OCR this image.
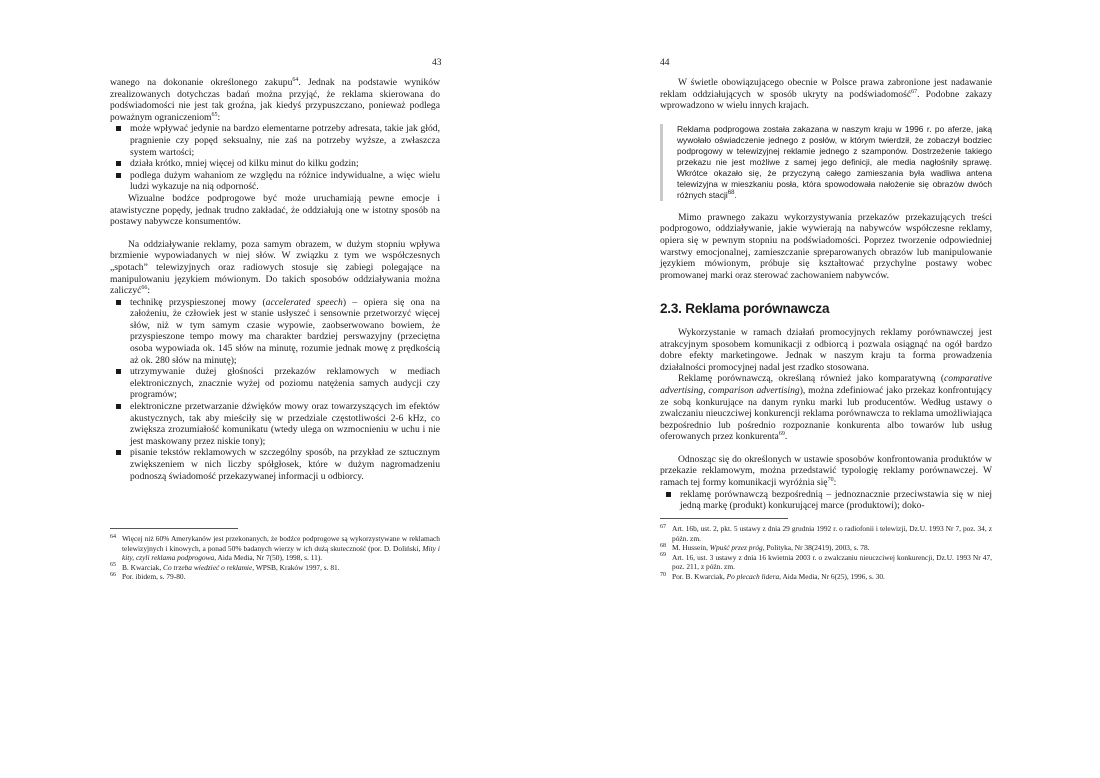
43

wanego na dokonanie określonego zakupu$^{64}$. Jednak na podstawie wyników zrealizowanych dotychczas badań można przyjąć, że reklama skierowana do podświadomości nie jest tak groźna, jak kiedyś przypuszczano, ponieważ podlega poważnym ograniczeniom$^{65}$:

może wpływać jedynie na bardzo elementarne potrzeby adresata, takie jak głód, pragnienie czy popęd seksualny, nie zaś na potrzeby wyższe, a zwłaszcza system wartości;
działa krótko, mniej więcej od kilku minut do kilku godzin;
podlega dużym wahaniom ze względu na różnice indywidualne, a więc wielu ludzi wykazuje na nią odporność.

Wizualne bodźce podprogowe być może uruchamiają pewne emocje i atawistyczne popędy, jednak trudno zakładać, że oddziałują one w istotny sposób na postawy nabywcze konsumentów.

Na oddziaływanie reklamy, poza samym obrazem, w dużym stopniu wpływa brzmienie wypowiadanych w niej słów. W związku z tym we współczesnych „spotach” telewizyjnych oraz radiowych stosuje się zabiegi polegające na manipulowaniu językiem mówionym. Do takich sposobów oddziaływania można zaliczyć$^{66}$:

technikę przyspieszonej mowy (accelerated speech) – opiera się ona na założeniu, że człowiek jest w stanie usłyszeć i sensownie przetworzyć więcej słów, niż w tym samym czasie wypowie, zaobserwowano bowiem, że przyspieszone tempo mowy ma charakter bardziej perswazyjny (przeciętna osoba wypowiada ok. 145 słów na minutę, rozumie jednak mowę z prędkością aż ok. 280 słów na minutę);
utrzymywanie dużej głośności przekazów reklamowych w mediach elektronicznych, znacznie wyżej od poziomu natężenia samych audycji czy programów;
elektroniczne przetwarzanie dźwięków mowy oraz towarzyszących im efektów akustycznych, tak aby mieściły się w przedziale częstotliwości 2-6 kHz, co zwiększa zrozumiałość komunikatu (wtedy ulega on wzmocnieniu w uchu i nie jest maskowany przez niskie tony);
pisanie tekstów reklamowych w szczególny sposób, na przykład ze sztucznym zwiększeniem w nich liczby spółgłosek, które w dużym nagromadzeniu podnoszą świadomość przekazywanej informacji u odbiorcy.
64 Więcej niż 60% Amerykanów jest przekonanych, że bodźce podprogowe są wykorzystywane w reklamach telewizyjnych i kinowych, a ponad 50% badanych wierzy w ich dużą skuteczność (por. D. Doliński, Mity i kity, czyli reklama podprogowa, Aida Media, Nr 7(50), 1998, s. 11).
65 B. Kwarciak, Co trzeba wiedzieć o reklamie, WPSB, Kraków 1997, s. 81.
66 Por. ibidem, s. 79-80.
44

W świetle obowiązującego obecnie w Polsce prawa zabronione jest nadawanie reklam oddziałujących w sposób ukryty na podświadomość$^{67}$. Podobne zakazy wprowadzono w wielu innych krajach.

Reklama podprogowa została zakazana w naszym kraju w 1996 r. po aferze, jaką wywołało oświadczenie jednego z posłów, w którym twierdził, że zobaczył bodziec podprogowy w telewizyjnej reklamie jednego z szamponów. Dostrzeżenie takiego przekazu nie jest możliwe z samej jego definicji, ale media nagłośniły sprawę. Wkrótce okazało się, że przyczyną całego zamieszania była wadliwa antena telewizyjna w mieszkaniu posła, która spowodowała nałożenie się obrazów dwóch różnych stacji$^{68}$.

Mimo prawnego zakazu wykorzystywania przekazów przekazujących treści podprogowo, oddziaływanie, jakie wywierają na nabywców współczesne reklamy, opiera się w pewnym stopniu na podświadomości. Poprzez tworzenie odpowiedniej warstwy emocjonalnej, zamieszczanie spreparowanych obrazów lub manipulowanie językiem mówionym, próbuje się kształtować przychylne postawy wobec promowanej marki oraz sterować zachowaniem nabywców.

2.3. Reklama porównawcza

Wykorzystanie w ramach działań promocyjnych reklamy porównawczej jest atrakcyjnym sposobem komunikacji z odbiorcą i pozwala osiągnąć na ogół bardzo dobre efekty marketingowe. Jednak w naszym kraju ta forma prowadzenia działalności promocyjnej nadal jest rzadko stosowana.

Reklamę porównawczą, określaną również jako komparatywną (comparative advertising, comparison advertising), można zdefiniować jako przekaz konfrontujący ze sobą konkurujące na danym rynku marki lub producentów. Według ustawy o zwalczaniu nieuczciwej konkurencji reklama porównawcza to reklama umożliwiająca bezpośrednio lub pośrednio rozpoznanie konkurenta albo towarów lub usług oferowanych przez konkurenta$^{69}$.

Odnosząc się do określonych w ustawie sposobów konfrontowania produktów w przekazie reklamowym, można przedstawić typologię reklamy porównawczej. W ramach tej formy komunikacji wyróżnia się$^{70}$:

reklamę porównawczą bezpośrednią – jednoznacznie przeciwstawia się w niej jedną markę (produkt) konkurującej marce (produktowi); doko-
67 Art. 16b, ust. 2, pkt. 5 ustawy z dnia 29 grudnia 1992 r. o radiofonii i telewizji, Dz.U. 1993 Nr 7, poz. 34, z późn. zm.
68 M. Hussein, Wpuść przez próg, Polityka, Nr 38(2419), 2003, s. 78.
69 Art. 16, ust. 3 ustawy z dnia 16 kwietnia 2003 r. o zwalczaniu nieuczciwej konkurencji, Dz.U. 1993 Nr 47, poz. 211, z późn. zm.
70 Por. B. Kwarciak, Po plecach lidera, Aida Media, Nr 6(25), 1996, s. 30.
